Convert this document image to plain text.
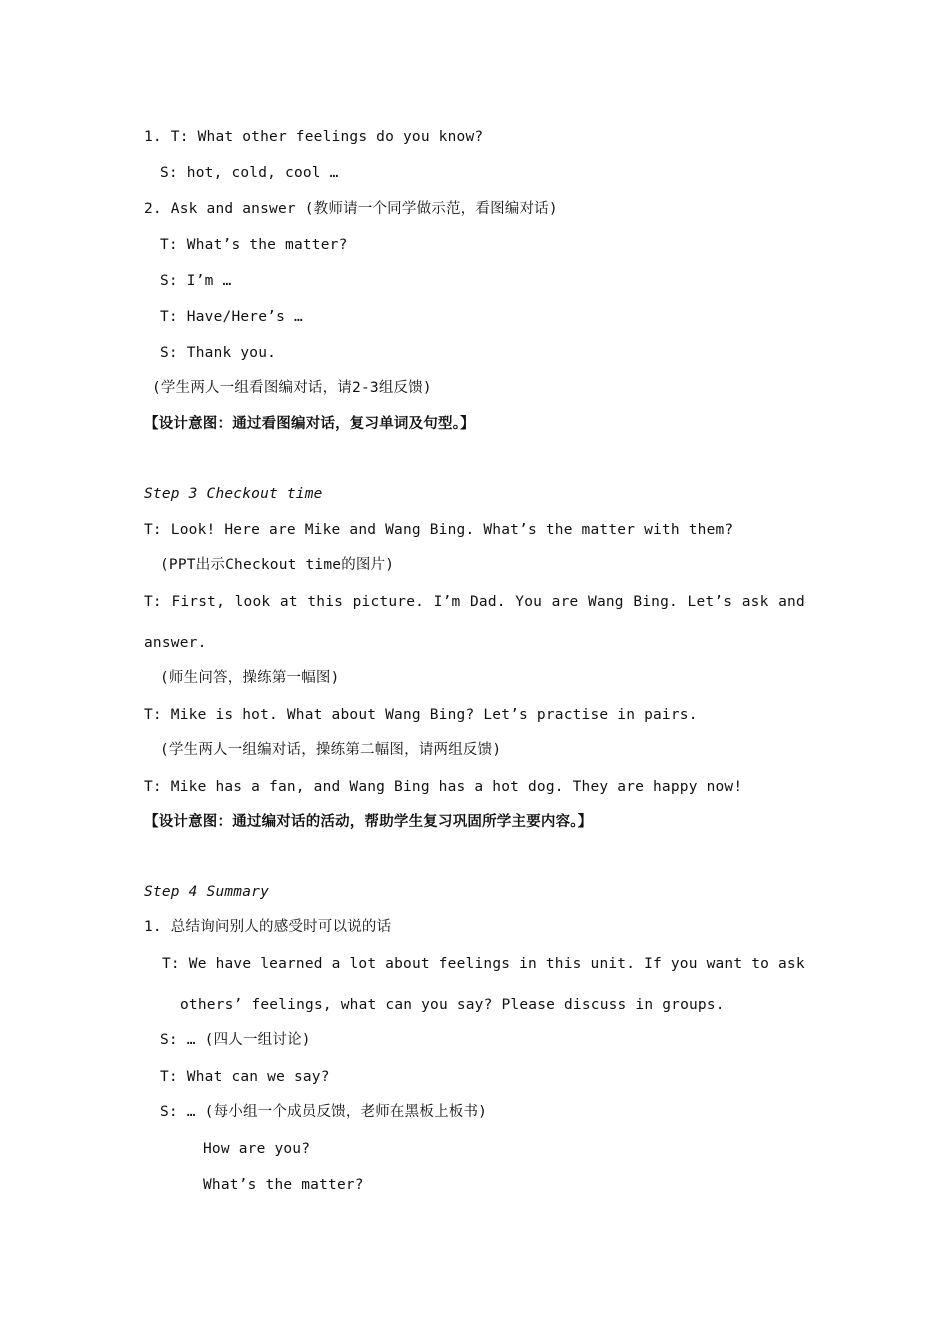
1. T: What other feelings do you know?
S: hot, cold, cool …
2. Ask and answer (教师请一个同学做示范，看图编对话)
T: What’s the matter?
S: I’m …
T: Have/Here’s …
S: Thank you.
(学生两人一组看图编对话，请2-3组反馈)
【设计意图：通过看图编对话，复习单词及句型。】
Step 3 Checkout time
T: Look! Here are Mike and Wang Bing. What’s the matter with them?
(PPT出示Checkout time的图片)
T: First, look at this picture. I’m Dad. You are Wang Bing. Let’s ask and
answer.
(师生问答，操练第一幅图)
T: Mike is hot. What about Wang Bing? Let’s practise in pairs.
(学生两人一组编对话，操练第二幅图，请两组反馈)
T: Mike has a fan, and Wang Bing has a hot dog. They are happy now!
【设计意图：通过编对话的活动，帮助学生复习巩固所学主要内容。】
Step 4 Summary
1. 总结询问别人的感受时可以说的话
T: We have learned a lot about feelings in this unit. If you want to ask
others’ feelings, what can you say? Please discuss in groups.
S: … (四人一组讨论)
T: What can we say?
S: … (每小组一个成员反馈，老师在黑板上板书)
How are you?
What’s the matter?
